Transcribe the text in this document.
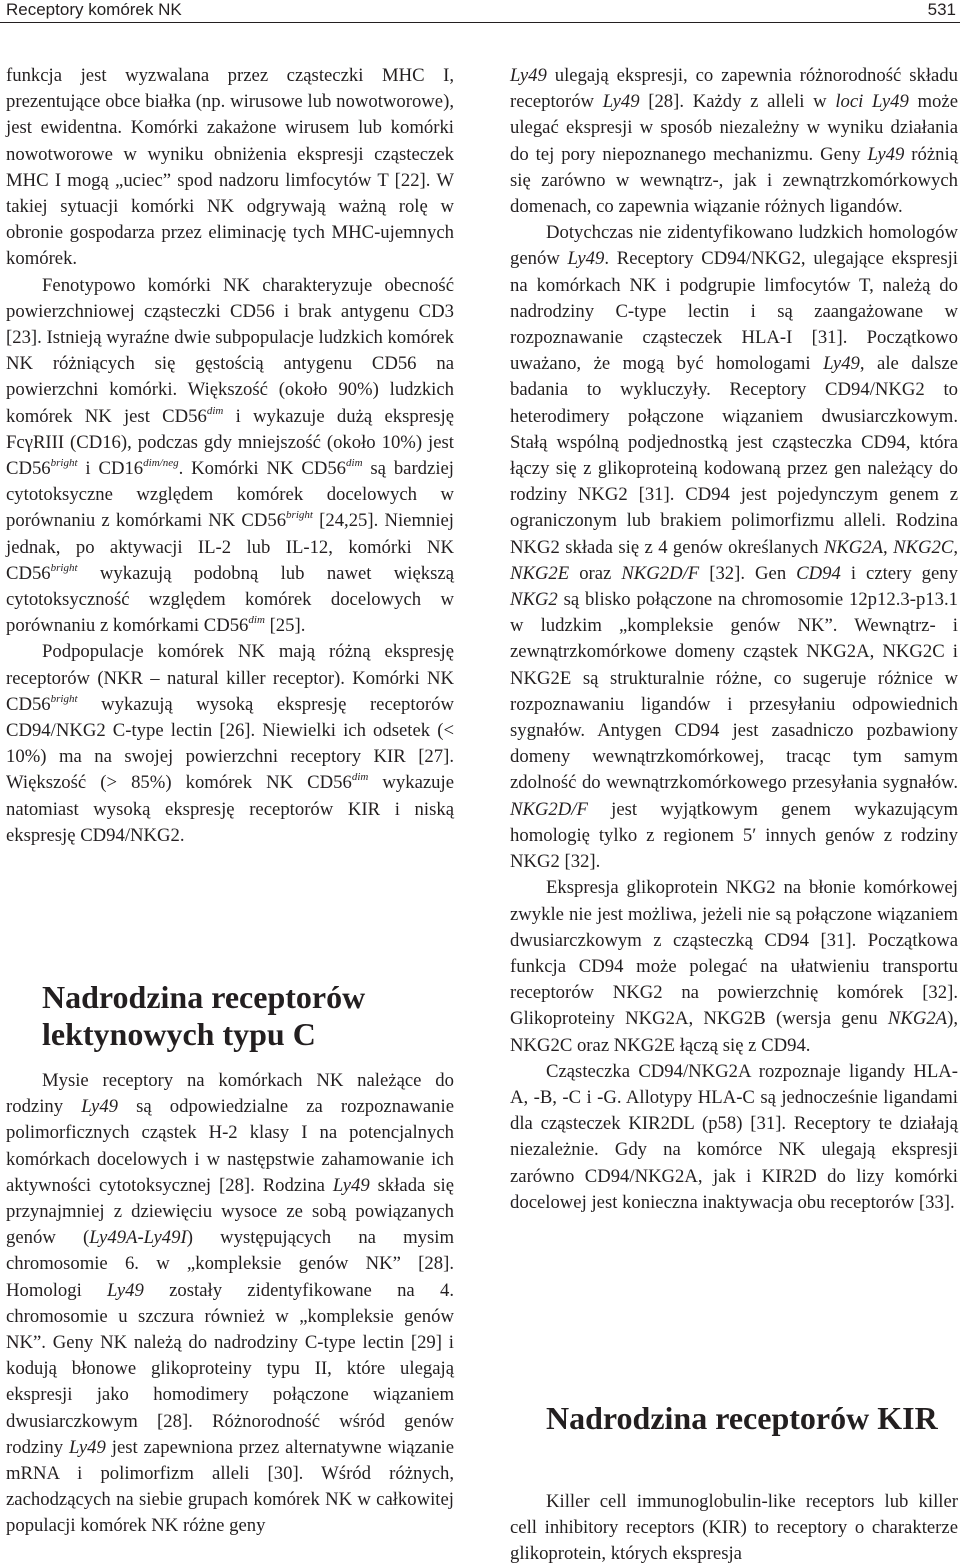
Receptory komórek NK	531

funkcja jest wyzwalana przez cząsteczki MHC I, prezentujące obce białka (np. wirusowe lub nowotworowe), jest ewidentna. Komórki zakażone wirusem lub komórki nowotworowe w wyniku obniżenia ekspresji cząsteczek MHC I mogą „uciec” spod nadzoru limfocytów T [22]. W takiej sytuacji komórki NK odgrywają ważną rolę w obronie gospodarza przez eliminację tych MHC-ujemnych komórek.

Fenotypowo komórki NK charakteryzuje obecność powierzchniowej cząsteczki CD56 i brak antygenu CD3 [23]. Istnieją wyraźne dwie subpopulacje ludzkich komórek NK różniących się gęstością antygenu CD56 na powierzchni komórki. Większość (około 90%) ludzkich komórek NK jest $CD56^{dim}$ i wykazuje dużą ekspresję FcγRIII (CD16), podczas gdy mniejszość (około 10%) jest $CD56^{bright}$ i $CD16^{dim/neg}$. Komórki NK $CD56^{dim}$ są bardziej cytotoksyczne względem komórek docelowych w porównaniu z komórkami NK $CD56^{bright}$ [24,25]. Niemniej jednak, po aktywacji IL-2 lub IL-12, komórki NK $CD56^{bright}$ wykazują podobną lub nawet większą cytotoksyczność względem komórek docelowych w porównaniu z komórkami $CD56^{dim}$ [25].

Podpopulacje komórek NK mają różną ekspresję receptorów (NKR – natural killer receptor). Komórki NK $CD56^{bright}$ wykazują wysoką ekspresję receptorów CD94/NKG2 C-type lectin [26]. Niewielki ich odsetek (< 10%) ma na swojej powierzchni receptory KIR [27]. Większość (> 85%) komórek NK $CD56^{dim}$ wykazuje natomiast wysoką ekspresję receptorów KIR i niską ekspresję CD94/NKG2.

Nadrodzina receptorów lektynowych typu C

Mysie receptory na komórkach NK należące do rodziny Ly49 są odpowiedzialne za rozpoznawanie polimorficznych cząstek H-2 klasy I na potencjalnych komórkach docelowych i w następstwie zahamowanie ich aktywności cytotoksycznej [28]. Rodzina Ly49 składa się przynajmniej z dziewięciu wysoce ze sobą powiązanych genów (Ly49A-Ly49I) występujących na mysim chromosomie 6. w „kompleksie genów NK” [28]. Homologi Ly49 zostały zidentyfikowane na 4. chromosomie u szczura również w „kompleksie genów NK”. Geny NK należą do nadrodziny C-type lectin [29] i kodują błonowe glikoproteiny typu II, które ulegają ekspresji jako homodimery połączone wiązaniem dwusiarczkowym [28]. Różnorodność wśród genów rodziny Ly49 jest zapewniona przez alternatywne wiązanie mRNA i polimorfizm alleli [30]. Wśród różnych, zachodzących na siebie grupach komórek NK w całkowitej populacji komórek NK różne geny

Ly49 ulegają ekspresji, co zapewnia różnorodność składu receptorów Ly49 [28]. Każdy z alleli w loci Ly49 może ulegać ekspresji w sposób niezależny w wyniku działania do tej pory niepoznanego mechanizmu. Geny Ly49 różnią się zarówno w wewnątrz-, jak i zewnątrzkomórkowych domenach, co zapewnia wiązanie różnych ligandów.

Dotychczas nie zidentyfikowano ludzkich homologów genów Ly49. Receptory CD94/NKG2, ulegające ekspresji na komórkach NK i podgrupie limfocytów T, należą do nadrodziny C-type lectin i są zaangażowane w rozpoznawanie cząsteczek HLA-I [31]. Początkowo uważano, że mogą być homologami Ly49, ale dalsze badania to wykluczyły. Receptory CD94/NKG2 to heterodimery połączone wiązaniem dwusiarczkowym. Stałą wspólną podjednostką jest cząsteczka CD94, która łączy się z glikoproteiną kodowaną przez gen należący do rodziny NKG2 [31]. CD94 jest pojedynczym genem z ograniczonym lub brakiem polimorfizmu alleli. Rodzina NKG2 składa się z 4 genów określanych NKG2A, NKG2C, NKG2E oraz NKG2D/F [32]. Gen CD94 i cztery geny NKG2 są blisko połączone na chromosomie 12p12.3-p13.1 w ludzkim „kompleksie genów NK”. Wewnątrz- i zewnątrzkomórkowe domeny cząstek NKG2A, NKG2C i NKG2E są strukturalnie różne, co sugeruje różnice w rozpoznawaniu ligandów i przesyłaniu odpowiednich sygnałów. Antygen CD94 jest zasadniczo pozbawiony domeny wewnątrzkomórkowej, tracąc tym samym zdolność do wewnątrzkomórkowego przesyłania sygnałów. NKG2D/F jest wyjątkowym genem wykazującym homologię tylko z regionem 5′ innych genów z rodziny NKG2 [32].

Ekspresja glikoprotein NKG2 na błonie komórkowej zwykle nie jest możliwa, jeżeli nie są połączone wiązaniem dwusiarczkowym z cząsteczką CD94 [31]. Początkowa funkcja CD94 może polegać na ułatwieniu transportu receptorów NKG2 na powierzchnię komórek [32]. Glikoproteiny NKG2A, NKG2B (wersja genu NKG2A), NKG2C oraz NKG2E łączą się z CD94.

Cząsteczka CD94/NKG2A rozpoznaje ligandy HLA-A, -B, -C i -G. Allotypy HLA-C są jednocześnie ligandami dla cząsteczek KIR2DL (p58) [31]. Receptory te działają niezależnie. Gdy na komórce NK ulegają ekspresji zarówno CD94/NKG2A, jak i KIR2D do lizy komórki docelowej jest konieczna inaktywacja obu receptorów [33].

Nadrodzina receptorów KIR

Killer cell immunoglobulin-like receptors lub killer cell inhibitory receptors (KIR) to receptory o charakterze glikoprotein, których ekspresja
